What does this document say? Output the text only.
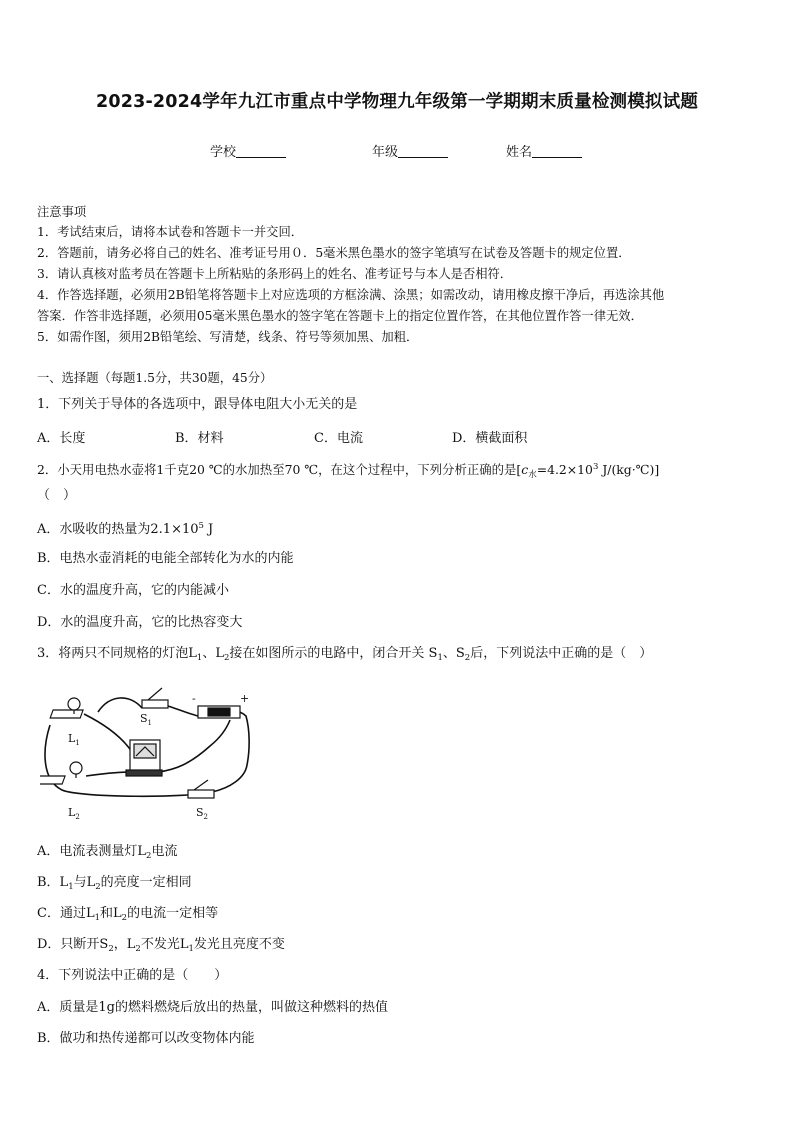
2023-2024学年九江市重点中学物理九年级第一学期期末质量检测模拟试题
学校	年级	姓名
注意事项
1．考试结束后，请将本试卷和答题卡一并交回．
2．答题前，请务必将自己的姓名、准考证号用０．5毫米黑色墨水的签字笔填写在试卷及答题卡的规定位置．
3．请认真核对监考员在答题卡上所粘贴的条形码上的姓名、准考证号与本人是否相符．
4．作答选择题，必须用2B铅笔将答题卡上对应选项的方框涂满、涂黑；如需改动，请用橡皮擦干净后，再选涂其他
答案．作答非选择题，必须用05毫米黑色墨水的签字笔在答题卡上的指定位置作答，在其他位置作答一律无效．
5．如需作图，须用2B铅笔绘、写清楚，线条、符号等须加黑、加粗．
一、选择题（每题1.5分，共30题，45分）
1．下列关于导体的各选项中，跟导体电阻大小无关的是
A．长度	B．材料	C．电流	D．横截面积
2．小天用电热水壶将1千克20 ℃的水加热至70 ℃，在这个过程中，下列分析正确的是[$c_水=4.2\times 10^3$ J/(kg·℃)]
（　）
A．水吸收的热量为$2.1\times 10^5$ J
B．电热水壶消耗的电能全部转化为水的内能
C．水的温度升高，它的内能减小
D．水的温度升高，它的比热容变大
3．将两只不同规格的灯泡$L_1$、$L_2$接在如图所示的电路中，闭合开关 $S_1$、$S_2$后，下列说法中正确的是（　）
$L_1$
$L_2$
$S_1$
$S_2$
-	+
A．电流表测量灯$L_2$电流
B．$L_1$与$L_2$的亮度一定相同
C．通过$L_1$和$L_2$的电流一定相等
D．只断开$S_2$，$L_2$不发光$L_1$发光且亮度不变
4．下列说法中正确的是（　　）
A．质量是1g的燃料燃烧后放出的热量，叫做这种燃料的热值
B．做功和热传递都可以改变物体内能
